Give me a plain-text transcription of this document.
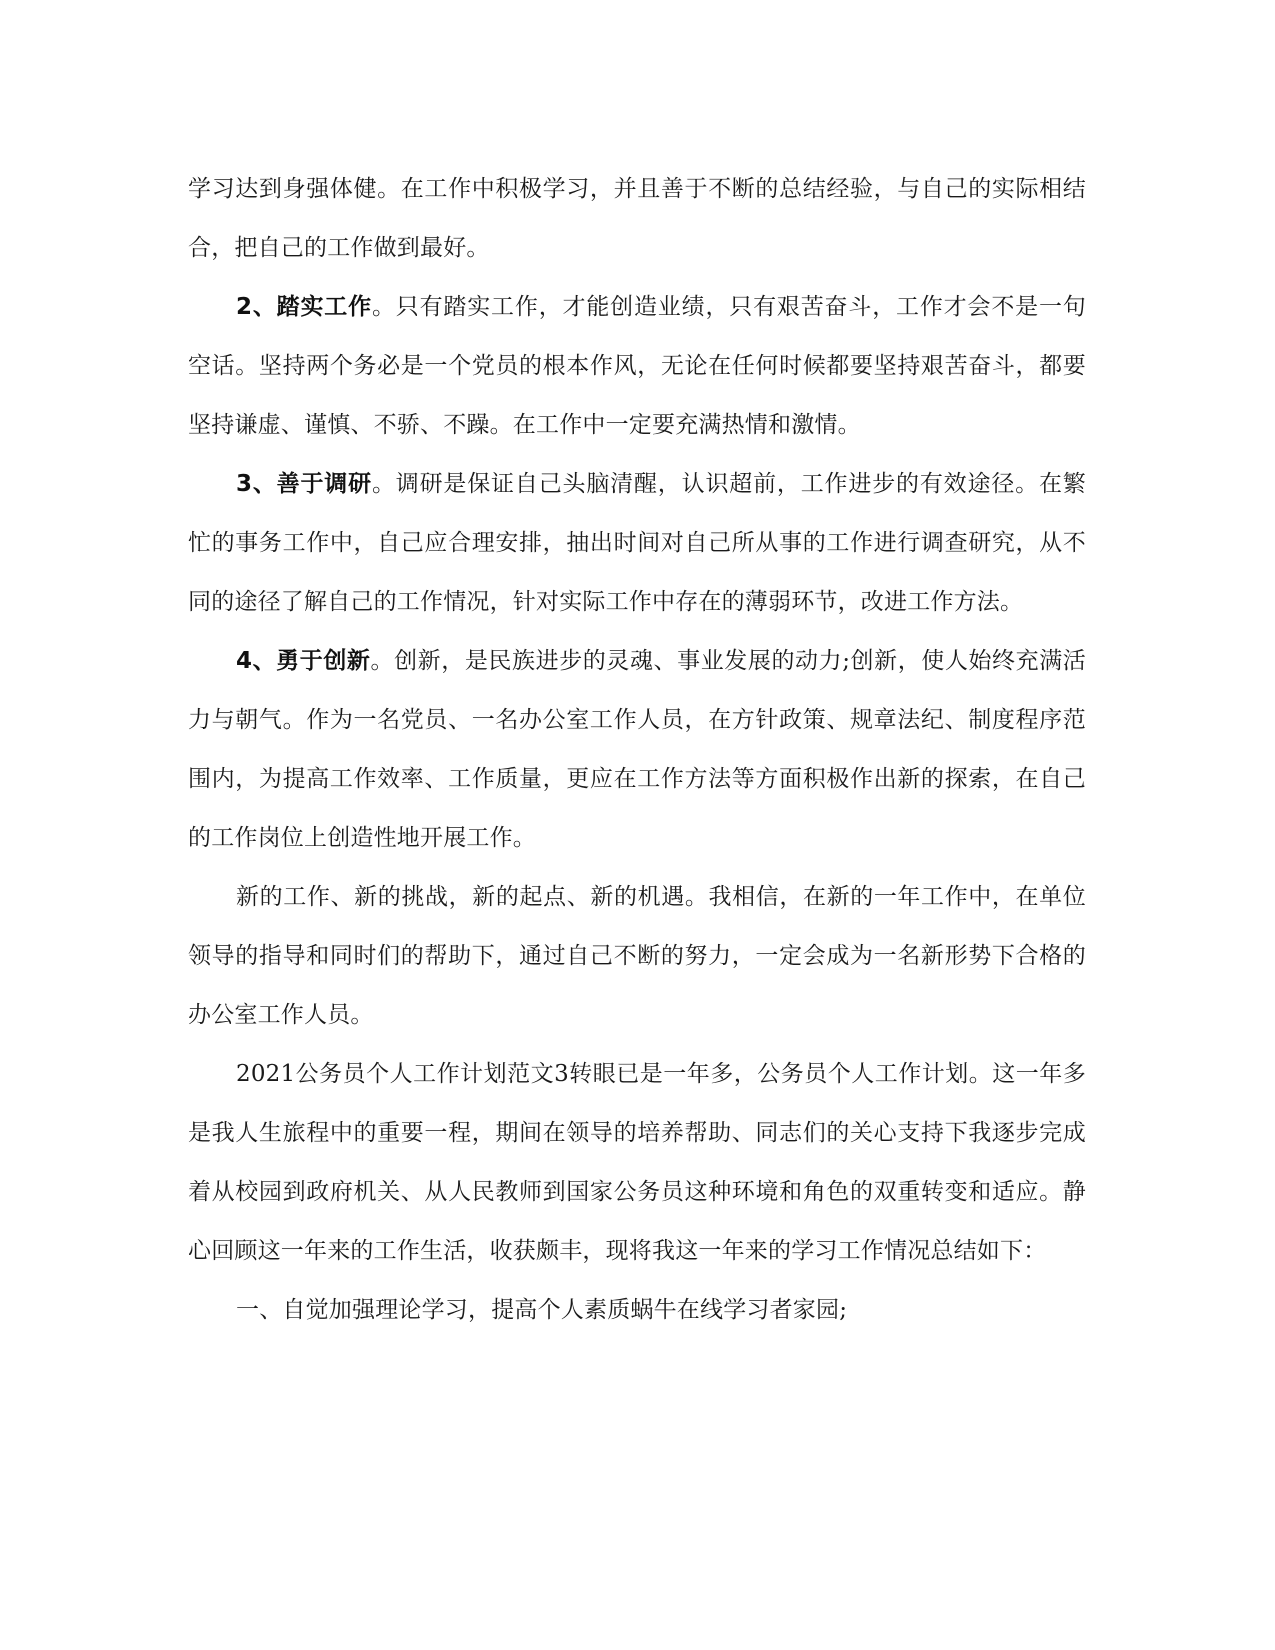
学习达到身强体健。在工作中积极学习，并且善于不断的总结经验，与自己的实际相结合，把自己的工作做到最好。

2、踏实工作。只有踏实工作，才能创造业绩，只有艰苦奋斗，工作才会不是一句空话。坚持两个务必是一个党员的根本作风，无论在任何时候都要坚持艰苦奋斗，都要坚持谦虚、谨慎、不骄、不躁。在工作中一定要充满热情和激情。

3、善于调研。调研是保证自己头脑清醒，认识超前，工作进步的有效途径。在繁忙的事务工作中，自己应合理安排，抽出时间对自己所从事的工作进行调查研究，从不同的途径了解自己的工作情况，针对实际工作中存在的薄弱环节，改进工作方法。

4、勇于创新。创新，是民族进步的灵魂、事业发展的动力;创新，使人始终充满活力与朝气。作为一名党员、一名办公室工作人员，在方针政策、规章法纪、制度程序范围内，为提高工作效率、工作质量，更应在工作方法等方面积极作出新的探索，在自己的工作岗位上创造性地开展工作。

新的工作、新的挑战，新的起点、新的机遇。我相信，在新的一年工作中，在单位领导的指导和同时们的帮助下，通过自己不断的努力，一定会成为一名新形势下合格的办公室工作人员。

2021公务员个人工作计划范文3转眼已是一年多，公务员个人工作计划。这一年多是我人生旅程中的重要一程，期间在领导的培养帮助、同志们的关心支持下我逐步完成着从校园到政府机关、从人民教师到国家公务员这种环境和角色的双重转变和适应。静心回顾这一年来的工作生活，收获颇丰，现将我这一年来的学习工作情况总结如下：

一、自觉加强理论学习，提高个人素质蜗牛在线学习者家园;
